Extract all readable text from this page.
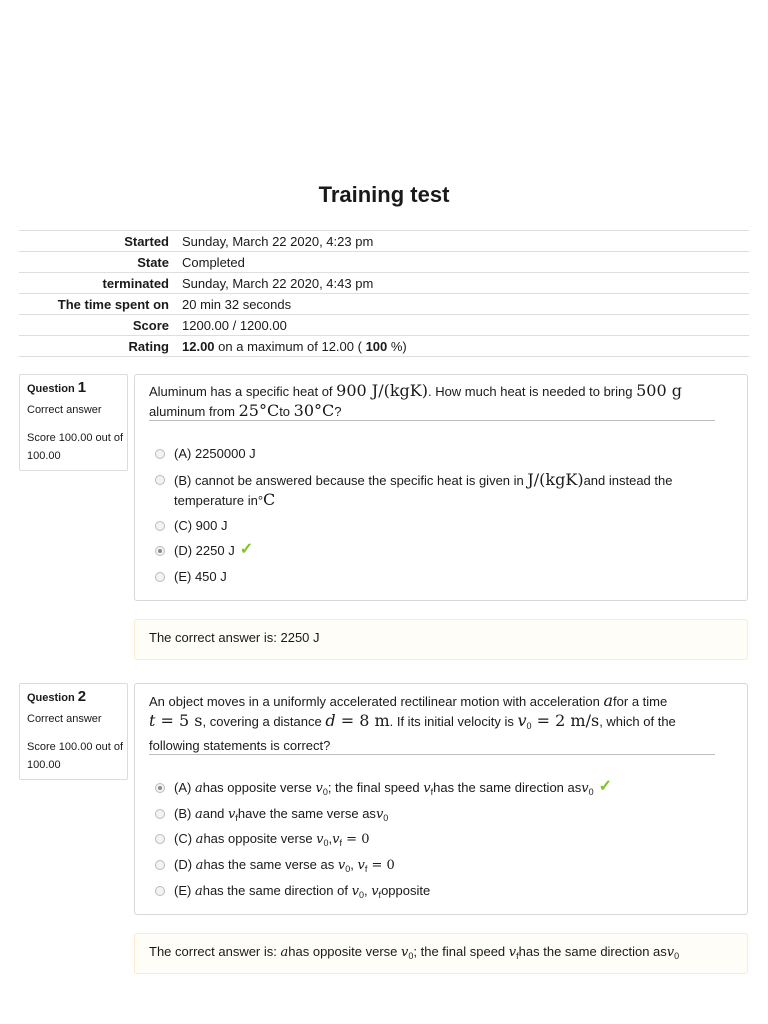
Training test
Started	Sunday, March 22 2020, 4:23 pm
State	Completed
terminated	Sunday, March 22 2020, 4:43 pm
The time spent on	20 min 32 seconds
Score	1200.00 / 1200.00
Rating	12.00 on a maximum of 12.00 ( 100 %)
Question 1
Correct answer
Score 100.00 out of 100.00
Aluminum has a specific heat of 900 J/(kgK). How much heat is needed to bring 500 g
aluminum from 25°Cto 30°C?
(A) 2250000 J
(B) cannot be answered because the specific heat is given in J/(kgK)and instead the
temperature in°C
(C) 900 J
(D) 2250 J ✓
(E) 450 J
The correct answer is: 2250 J
Question 2
Correct answer
Score 100.00 out of 100.00
An object moves in a uniformly accelerated rectilinear motion with acceleration afor a time
t = 5 s, covering a distance d = 8 m. If its initial velocity is $v_0 = 2$ m/s, which of the
following statements is correct?
(A) ahas opposite verse $v_0$; the final speed $v_fhas$ the same direction asv$_0$ ✓
(B) aand $v_fhave$ the same verse asv$_0$
(C) ahas opposite verse $v_0,v_f = 0$
(D) ahas the same verse as $v_0$, $v_f = 0$
(E) ahas the same direction of $v_0$, $v_fopposite$
The correct answer is: ahas opposite verse $v_0$; the final speed $v_fhas$ the same direction asv$_0$
